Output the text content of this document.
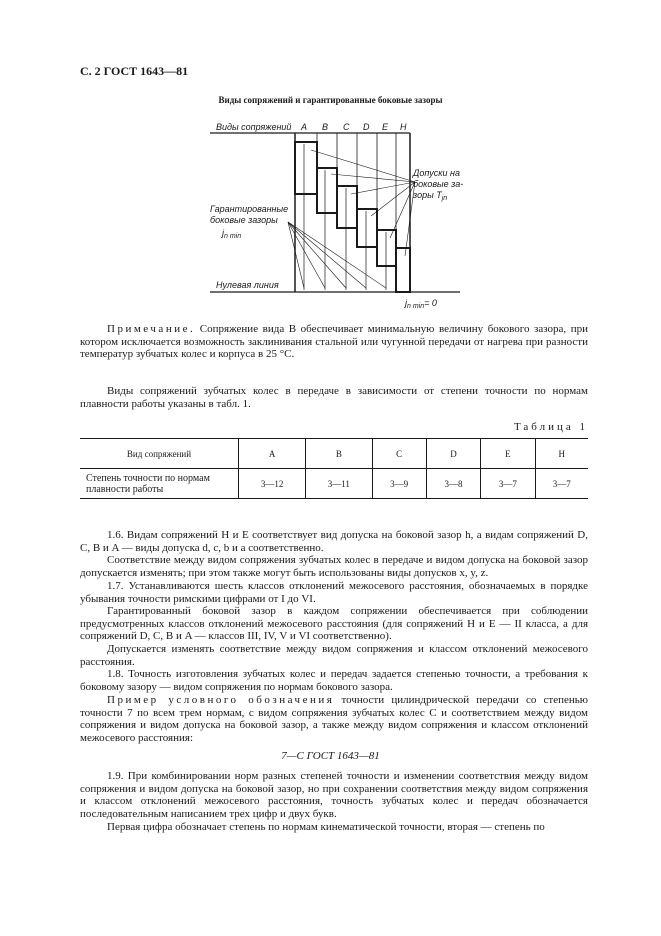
С. 2 ГОСТ 1643—81
Виды сопряжений и гарантированные боковые зазоры
Виды сопряжений A B C D E H
Допуски на
боковые за-
зоры $T_{jn}$
Гарантированные
боковые зазоры
$j_{n min}$
Нулевая линия
$j_{n min}= 0$
Примечание. Сопряжение вида B обеспечивает минимальную величину бокового зазора, при котором исключается возможность заклинивания стальной или чугунной передачи от нагрева при разности температур зубчатых колес и корпуса в 25 °С.
Виды сопряжений зубчатых колес в передаче в зависимости от степени точности по нормам плавности работы указаны в табл. 1.
Таблица 1
Вид сопряжений	A	B	C	D	E	H
Степень точности по нормам плавности работы	3—12	3—11	3—9	3—8	3—7	3—7
1.6. Видам сопряжений H и E соответствует вид допуска на боковой зазор h, а видам сопряжений D, C, B и A — виды допуска d, c, b и a соответственно.
Соответствие между видом сопряжения зубчатых колес в передаче и видом допуска на боковой зазор допускается изменять; при этом также могут быть использованы виды допусков x, y, z.
1.7. Устанавливаются шесть классов отклонений межосевого расстояния, обозначаемых в порядке убывания точности римскими цифрами от I до VI.
Гарантированный боковой зазор в каждом сопряжении обеспечивается при соблюдении предусмотренных классов отклонений межосевого расстояния (для сопряжений H и E — II класса, а для сопряжений D, C, B и A — классов III, IV, V и VI соответственно).
Допускается изменять соответствие между видом сопряжения и классом отклонений межосевого расстояния.
1.8. Точность изготовления зубчатых колес и передач задается степенью точности, а требования к боковому зазору — видом сопряжения по нормам бокового зазора.
Пример условного обозначения точности цилиндрической передачи со степенью точности 7 по всем трем нормам, с видом сопряжения зубчатых колес C и соответствием между видом сопряжения и видом допуска на боковой зазор, а также между видом сопряжения и классом отклонений межосевого расстояния:
7—C ГОСТ 1643—81
1.9. При комбинировании норм разных степеней точности и изменении соответствия между видом сопряжения и видом допуска на боковой зазор, но при сохранении соответствия между видом сопряжения и классом отклонений межосевого расстояния, точность зубчатых колес и передач обозначается последовательным написанием трех цифр и двух букв.
Первая цифра обозначает степень по нормам кинематической точности, вторая — степень по
